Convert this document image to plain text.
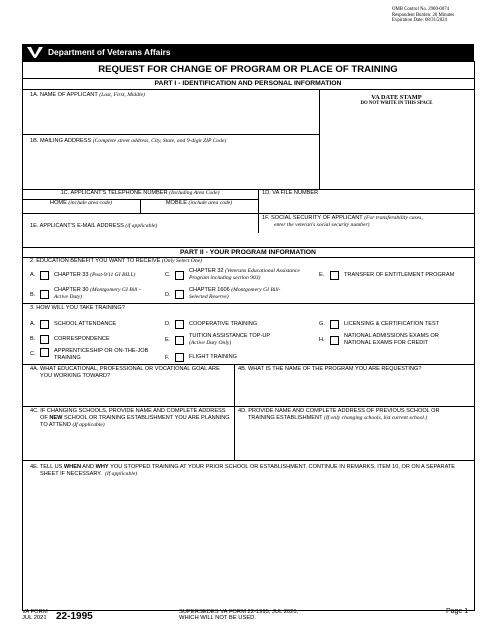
OMB Control No. 2900-0074
Respondent Burden: 20 Minutes
Expiration Date: 08/31/2024
Department of Veterans Affairs
REQUEST FOR CHANGE OF PROGRAM OR PLACE OF TRAINING
PART I - IDENTIFICATION AND PERSONAL INFORMATION
1A. NAME OF APPLICANT (Last, First, Middle)	VA DATE STAMP
DO NOT WRITE IN THIS SPACE
1B. MAILING ADDRESS (Complete street address, City, State, and 9-digit ZIP Code)
1C. APPLICANT'S TELEPHONE NUMBER (Including Area Code)	1D. VA FILE NUMBER
HOME (include area code)	MOBILE (include area code)
1E. APPLICANT'S E-MAIL ADDRESS (if applicable)
1F. SOCIAL SECURITY OF APPLICANT (For transferability cases,
enter the veteran's social security number)
PART II - YOUR PROGRAM INFORMATION
2. EDUCATION BENEFIT YOU WANT TO RECEIVE (Only Select One)
A.	CHAPTER 33 (Post-9/11 GI BILL)
B.
CHAPTER 30 (Montgomery GI Bill -
Active Duty)
C.
CHAPTER 32 (Veterans Educational Assistance
Program including section 903)
D.
CHAPTER 1606 (Montgomery GI Bill-
Selected Reserve)
E.	TRANSFER OF ENTITLEMENT PROGRAM
3. HOW WILL YOU TAKE TRAINING?
A.	SCHOOL ATTENDANCE
B.	CORRESPONDENCE
C.	APPRENTICESHIP OR ON-THE-JOB
TRAINING
D.	COOPERATIVE TRAINING
E.
TUITION ASSISTANCE TOP-UP
(Active Duty Only)
F.	FLIGHT TRAINING
G.	LICENSING & CERTIFICATION TEST
H.
NATIONAL ADMISSIONS EXAMS OR
NATIONAL EXAMS FOR CREDIT
4A. WHAT EDUCATIONAL, PROFESSIONAL OR VOCATIONAL GOAL ARE
YOU WORKING TOWARD?
4B. WHAT IS THE NAME OF THE PROGRAM YOU ARE REQUESTING?
4C. IF CHANGING SCHOOLS, PROVIDE NAME AND COMPLETE ADDRESS
OF NEW SCHOOL OR TRAINING ESTABLISHMENT YOU ARE PLANNING
TO ATTEND (If applicable)
4D. PROVIDE NAME AND COMPLETE ADDRESS OF PREVIOUS SCHOOL OR
TRAINING ESTABLISHMENT (If only changing schools, list current school.)
4E. TELL US WHEN AND WHY YOU STOPPED TRAINING AT YOUR PRIOR SCHOOL OR ESTABLISHMENT. CONTINUE IN REMARKS, ITEM 10, OR ON A SEPARATE
SHEET IF NECESSARY. (If applicable)
VA FORM
JUL 2021 22-1995	SUPERSEDES VA FORM 22-1995, JUL 2020,
WHICH WILL NOT BE USED.
Page 1
